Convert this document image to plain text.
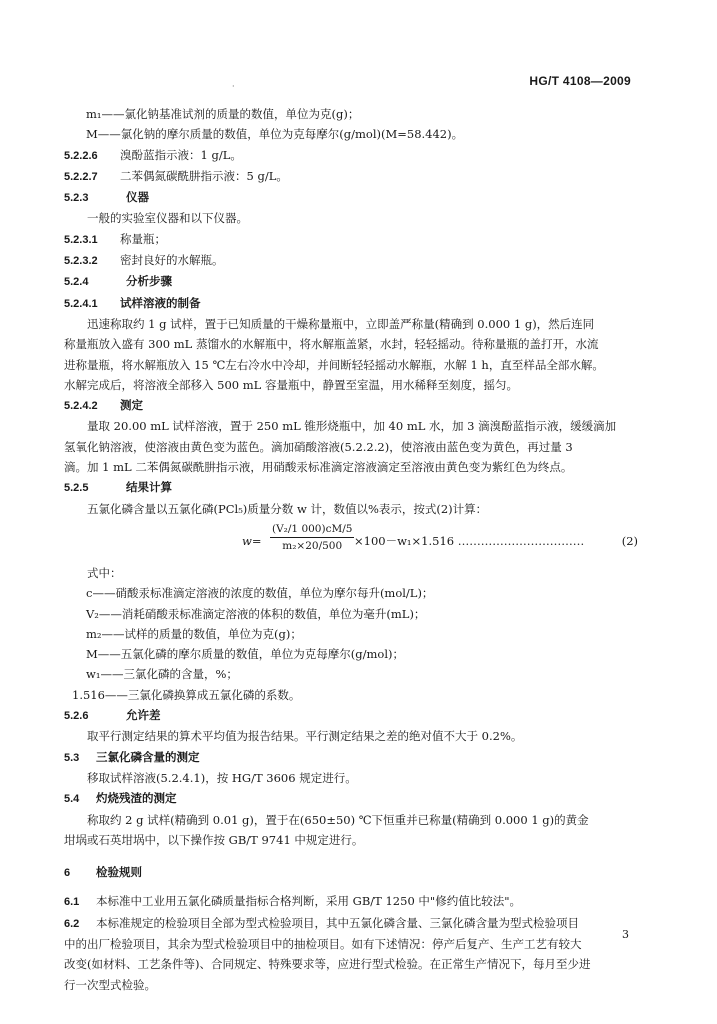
HG/T 4108—2009
·
m₁——氯化钠基准试剂的质量的数值，单位为克(g)；
M——氯化钠的摩尔质量的数值，单位为克每摩尔(g/mol)(M=58.442)。
5.2.2.6 溴酚蓝指示液：1 g/L。
5.2.2.7 二苯偶氮碳酰肼指示液：5 g/L。
5.2.3	仪器
一般的实验室仪器和以下仪器。
5.2.3.1 称量瓶；
5.2.3.2 密封良好的水解瓶。
5.2.4	分析步骤
5.2.4.1 试样溶液的制备
迅速称取约 1 g 试样，置于已知质量的干燥称量瓶中，立即盖严称量(精确到 0.000 1 g)，然后连同
称量瓶放入盛有 300 mL 蒸馏水的水解瓶中，将水解瓶盖紧，水封，轻轻摇动。待称量瓶的盖打开，水流
进称量瓶，将水解瓶放入 15 ℃左右冷水中冷却，并间断轻轻摇动水解瓶，水解 1 h，直至样品全部水解。
水解完成后，将溶液全部移入 500 mL 容量瓶中，静置至室温，用水稀释至刻度，摇匀。
5.2.4.2 测定
量取 20.00 mL 试样溶液，置于 250 mL 锥形烧瓶中，加 40 mL 水，加 3 滴溴酚蓝指示液，缓缓滴加
氢氧化钠溶液，使溶液由黄色变为蓝色。滴加硝酸溶液(5.2.2.2)，使溶液由蓝色变为黄色，再过量 3
滴。加 1 mL 二苯偶氮碳酰肼指示液，用硝酸汞标准滴定溶液滴定至溶液由黄色变为紫红色为终点。
5.2.5	结果计算
五氯化磷含量以五氯化磷(PCl₅)质量分数 w 计，数值以%表示，按式(2)计算：
$w= \frac{\text{(V₂/1 000)cM/5}}{\text{m₂×20/500}} \times 100-w_1\times 1.516$ ……………………………	(2)
式中：
c——硝酸汞标准滴定溶液的浓度的数值，单位为摩尔每升(mol/L)；
V₂——消耗硝酸汞标准滴定溶液的体积的数值，单位为毫升(mL)；
m₂——试样的质量的数值，单位为克(g)；
M——五氯化磷的摩尔质量的数值，单位为克每摩尔(g/mol)；
w₁——三氯化磷的含量，%；
1.516——三氯化磷换算成五氯化磷的系数。
5.2.6	允许差
取平行测定结果的算术平均值为报告结果。平行测定结果之差的绝对值不大于 0.2%。
5.3 三氯化磷含量的测定
移取试样溶液(5.2.4.1)，按 HG/T 3606 规定进行。
5.4 灼烧残渣的测定
称取约 2 g 试样(精确到 0.01 g)，置于在(650±50) ℃下恒重并已称量(精确到 0.000 1 g)的黄金
坩埚或石英坩埚中，以下操作按 GB/T 9741 中规定进行。
6 检验规则
6.1 本标准中工业用五氯化磷质量指标合格判断，采用 GB/T 1250 中"修约值比较法"。
6.2 本标准规定的检验项目全部为型式检验项目，其中五氯化磷含量、三氯化磷含量为型式检验项目
中的出厂检验项目，其余为型式检验项目中的抽检项目。如有下述情况：停产后复产、生产工艺有较大
改变(如材料、工艺条件等)、合同规定、特殊要求等，应进行型式检验。在正常生产情况下，每月至少进
行一次型式检验。
3
